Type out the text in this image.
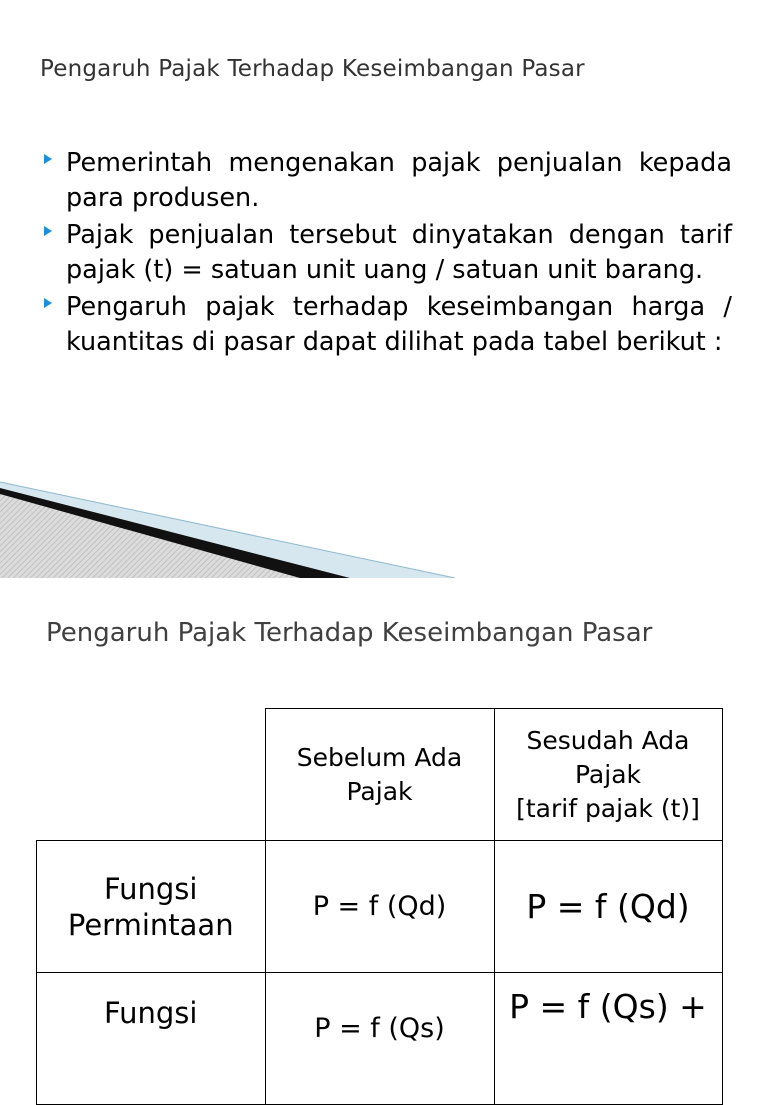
Pengaruh Pajak Terhadap Keseimbangan Pasar
Pemerintah mengenakan pajak penjualan kepada para produsen.
Pajak penjualan tersebut dinyatakan dengan tarif pajak (t) = satuan unit uang / satuan unit barang.
Pengaruh pajak terhadap keseimbangan harga / kuantitas di pasar dapat dilihat pada tabel berikut :
Pengaruh Pajak Terhadap Keseimbangan Pasar
	Sebelum Ada Pajak	Sesudah Ada Pajak
[tarif pajak (t)]

Fungsi Permintaan	P = f (Qd)	P = f (Qd)
Fungsi	P = f (Qs)	P = f (Qs) +
